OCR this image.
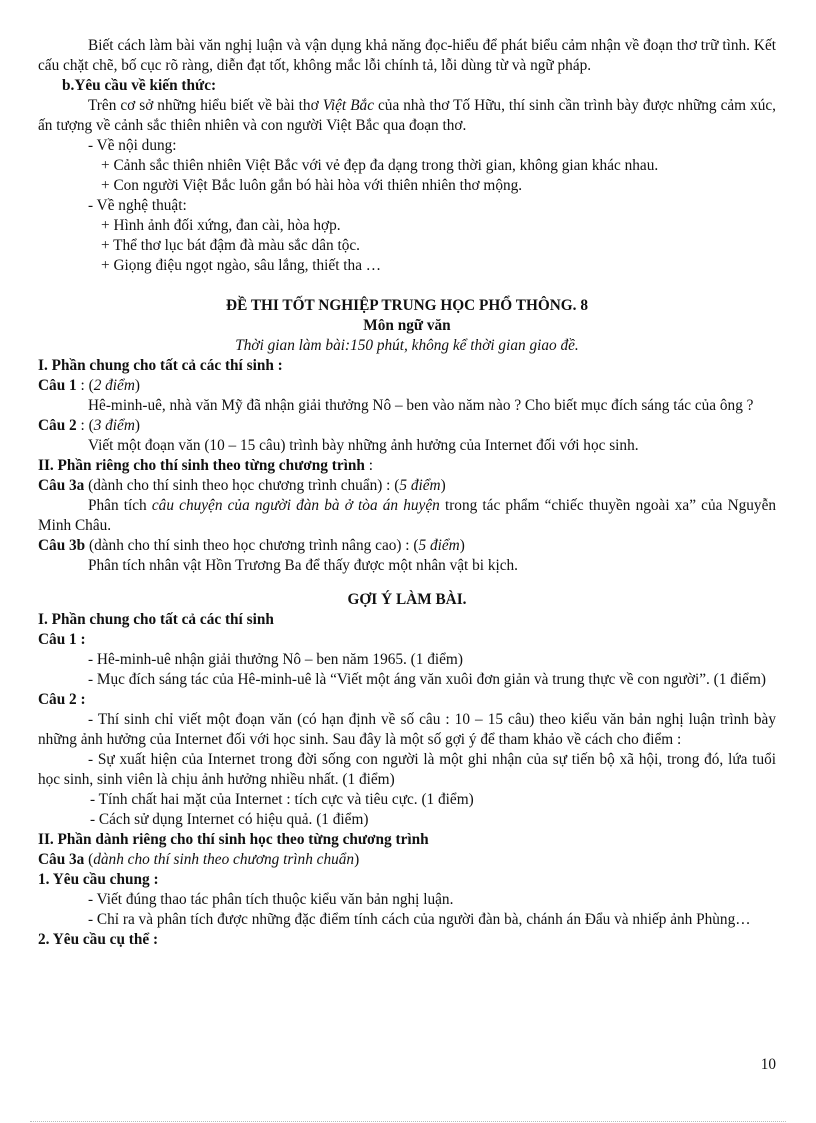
Biết cách làm bài văn nghị luận và vận dụng khả năng đọc-hiểu để phát biểu cảm nhận về đoạn thơ trữ tình. Kết cấu chặt chẽ, bố cục rõ ràng, diễn đạt tốt, không mắc lỗi chính tả, lỗi dùng từ và ngữ pháp.

b.Yêu cầu về kiến thức:

Trên cơ sở những hiểu biết về bài thơ Việt Bắc của nhà thơ Tố Hữu, thí sinh cần trình bày được những cảm xúc, ấn tượng về cảnh sắc thiên nhiên và con người Việt Bắc qua đoạn thơ.

- Về nội dung:

+ Cảnh sắc thiên nhiên Việt Bắc với vẻ đẹp đa dạng trong thời gian, không gian khác nhau.

+ Con người Việt Bắc luôn gắn bó hài hòa với thiên nhiên thơ mộng.

- Về nghệ thuật:

+ Hình ảnh đối xứng, đan cài, hòa hợp.

+ Thể thơ lục bát đậm đà màu sắc dân tộc.

+ Giọng điệu ngọt ngào, sâu lắng, thiết tha …

ĐỀ THI TỐT NGHIỆP TRUNG HỌC PHỔ THÔNG. 8

Môn ngữ văn

Thời gian làm bài:150 phút, không kể thời gian giao đề.

I. Phần chung cho tất cả các thí sinh :

Câu 1 : (2 điểm)

Hê-minh-uê, nhà văn Mỹ đã nhận giải thưởng Nô – ben vào năm nào ? Cho biết mục đích sáng tác của ông ?

Câu 2 : (3 điểm)

Viết một đoạn văn (10 – 15 câu) trình bày những ảnh hưởng của Internet đối với học sinh.

II. Phần riêng cho thí sinh theo từng chương trình :

Câu 3a (dành cho thí sinh theo học chương trình chuẩn) : (5 điểm)

Phân tích câu chuyện của người đàn bà ở tòa án huyện trong tác phẩm “chiếc thuyền ngoài xa” của Nguyễn Minh Châu.

Câu 3b (dành cho thí sinh theo học chương trình nâng cao) : (5 điểm)

Phân tích nhân vật Hồn Trương Ba để thấy được một nhân vật bi kịch.

GỢI Ý LÀM BÀI.

I. Phần chung cho tất cả các thí sinh

Câu 1 :

- Hê-minh-uê nhận giải thưởng Nô – ben năm 1965. (1 điểm)

- Mục đích sáng tác của Hê-minh-uê là “Viết một áng văn xuôi đơn giản và trung thực về con người”. (1 điểm)

Câu 2 :

- Thí sinh chỉ viết một đoạn văn (có hạn định về số câu : 10 – 15 câu) theo kiểu văn bản nghị luận trình bày những ảnh hưởng của Internet đối với học sinh. Sau đây là một số gợi ý để tham khảo về cách cho điểm :

- Sự xuất hiện của Internet trong đời sống con người là một ghi nhận của sự tiến bộ xã hội, trong đó, lứa tuổi học sinh, sinh viên là chịu ảnh hưởng nhiều nhất. (1 điểm)

- Tính chất hai mặt của Internet : tích cực và tiêu cực. (1 điểm)

- Cách sử dụng Internet có hiệu quả. (1 điểm)

II. Phần dành riêng cho thí sinh học theo từng chương trình

Câu 3a (dành cho thí sinh theo chương trình chuẩn)

1. Yêu cầu chung :

- Viết đúng thao tác phân tích thuộc kiểu văn bản nghị luận.

- Chỉ ra và phân tích được những đặc điểm tính cách của người đàn bà, chánh án Đẩu và nhiếp ảnh Phùng…

2. Yêu cầu cụ thể :

10
